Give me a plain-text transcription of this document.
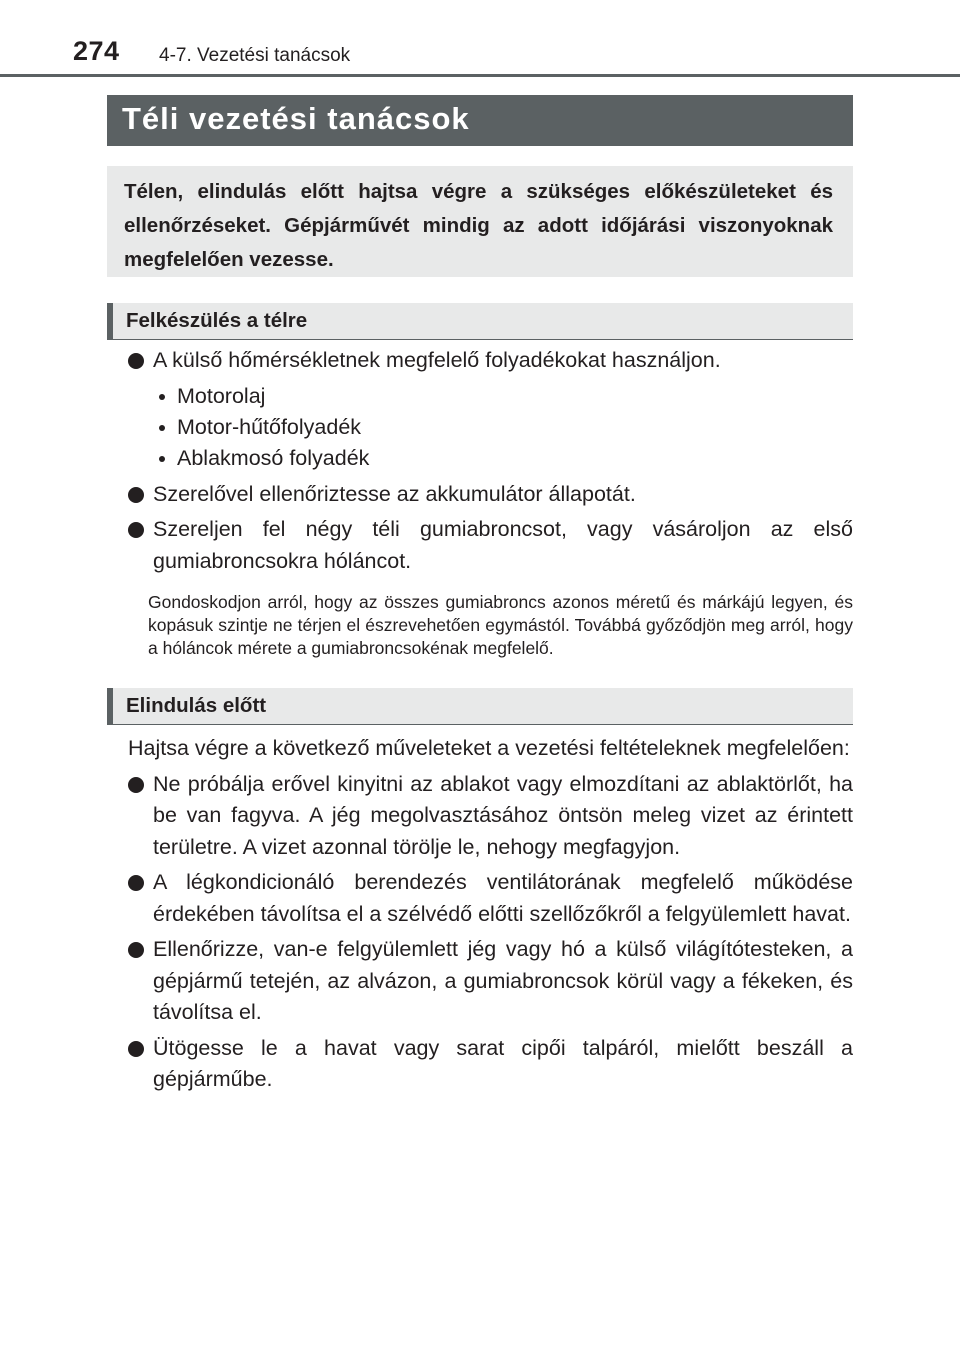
274 4-7. Vezetési tanácsok
Téli vezetési tanácsok

Télen, elindulás előtt hajtsa végre a szükséges előkészületeket és ellenőrzéseket. Gépjárművét mindig az adott időjárási viszonyoknak megfelelően vezesse.

Felkészülés a télre
A külső hőmérsékletnek megfelelő folyadékokat használjon.
Motorolaj
Motor-hűtőfolyadék
Ablakmosó folyadék
Szerelővel ellenőriztesse az akkumulátor állapotát.
Szereljen fel négy téli gumiabroncsot, vagy vásároljon az első gumiabroncsokra hóláncot.

Gondoskodjon arról, hogy az összes gumiabroncs azonos méretű és márkájú legyen, és kopásuk szintje ne térjen el észrevehetően egymástól. Továbbá győződjön meg arról, hogy a hóláncok mérete a gumiabroncsokénak megfelelő.

Elindulás előtt

Hajtsa végre a következő műveleteket a vezetési feltételeknek megfelelően:

Ne próbálja erővel kinyitni az ablakot vagy elmozdítani az ablaktörlőt, ha be van fagyva. A jég megolvasztásához öntsön meleg vizet az érintett területre. A vizet azonnal törölje le, nehogy megfagyjon.
A légkondicionáló berendezés ventilátorának megfelelő működése érdekében távolítsa el a szélvédő előtti szellőzőkről a felgyülemlett havat.
Ellenőrizze, van-e felgyülemlett jég vagy hó a külső világítótesteken, a gépjármű tetején, az alvázon, a gumiabroncsok körül vagy a fékeken, és távolítsa el.
Ütögesse le a havat vagy sarat cipői talpáról, mielőtt beszáll a gépjárműbe.
